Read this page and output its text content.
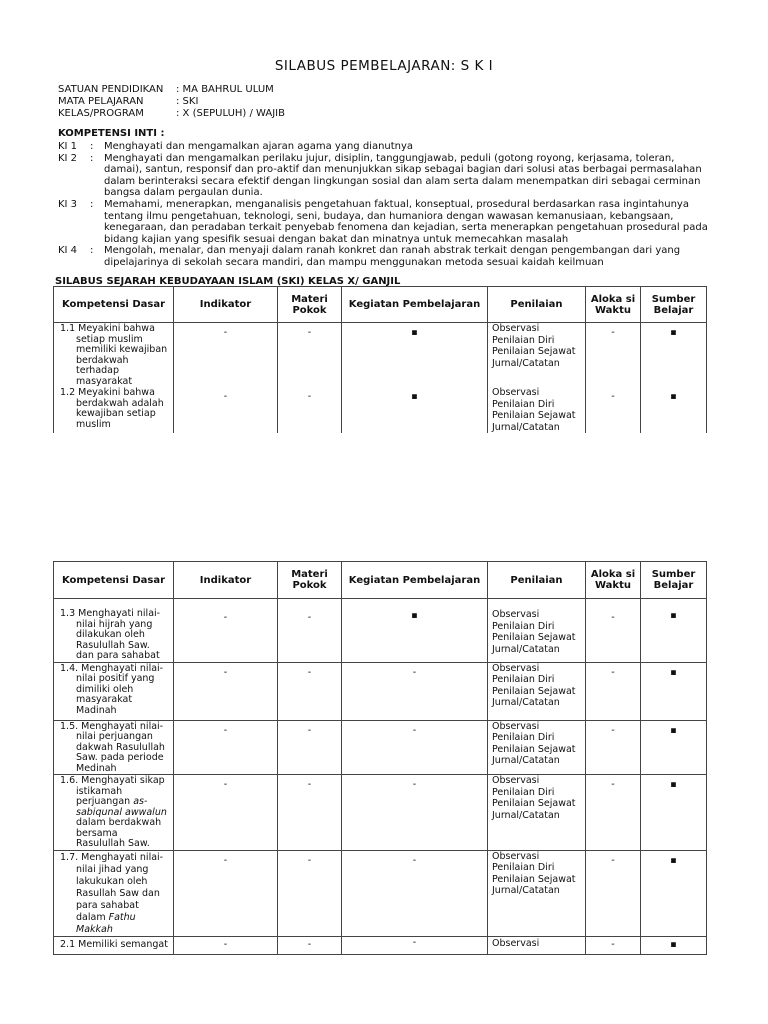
SILABUS PEMBELAJARAN: S K I
SATUAN PENDIDIKAN	: MA BAHRUL ULUM
MATA PELAJARAN	: SKI
KELAS/PROGRAM	: X (SEPULUH) / WAJIB
KOMPETENSI INTI :
KI 1	:	Menghayati dan mengamalkan ajaran agama yang dianutnya
KI 2	:	Menghayati dan mengamalkan perilaku jujur, disiplin, tanggungjawab, peduli (gotong royong, kerjasama, toleran, damai), santun, responsif dan pro-aktif dan menunjukkan sikap sebagai bagian dari solusi atas berbagai permasalahan dalam berinteraksi secara efektif dengan lingkungan sosial dan alam serta dalam menempatkan diri sebagai cerminan bangsa dalam pergaulan dunia.
KI 3	:	Memahami, menerapkan, menganalisis pengetahuan faktual, konseptual, prosedural berdasarkan rasa ingintahunya tentang ilmu pengetahuan, teknologi, seni, budaya, dan humaniora dengan wawasan kemanusiaan, kebangsaan, kenegaraan, dan peradaban terkait penyebab fenomena dan kejadian, serta menerapkan pengetahuan prosedural pada bidang kajian yang spesifik sesuai dengan bakat dan minatnya untuk memecahkan masalah
KI 4	:	Mengolah, menalar, dan menyaji dalam ranah konkret dan ranah abstrak terkait dengan pengembangan dari yang dipelajarinya di sekolah secara mandiri, dan mampu menggunakan metoda sesuai kaidah keilmuan
SILABUS SEJARAH KEBUDAYAAN ISLAM (SKI) KELAS X/ GANJIL
Kompetensi Dasar	Indikator	Materi Pokok	Kegiatan Pembelajaran	Penilaian	Aloka si Waktu	Sumber Belajar

1.1 Meyakini bahwa setiap muslim memiliki kewajiban berdakwah terhadap masyarakat	-	-	▪	Observasi
Penilaian Diri
Penilaian Sejawat
Jurnal/Catatan	-	▪

1.2 Meyakini bahwa berdakwah adalah kewajiban setiap muslim	-	-	▪	Observasi
Penilaian Diri
Penilaian Sejawat
Jurnal/Catatan	-	▪
Kompetensi Dasar	Indikator	Materi Pokok	Kegiatan Pembelajaran	Penilaian	Aloka si Waktu	Sumber Belajar

1.3 Menghayati nilai-nilai hijrah yang dilakukan oleh Rasulullah Saw. dan para sahabat	-	-	▪	Observasi
Penilaian Diri
Penilaian Sejawat
Jurnal/Catatan	-	▪

1.4. Menghayati nilai-nilai positif yang dimiliki oleh masyarakat Madinah	-	-	-	Observasi
Penilaian Diri
Penilaian Sejawat
Jurnal/Catatan	-	▪

1.5. Menghayati nilai-nilai perjuangan dakwah Rasulullah Saw. pada periode Medinah	-	-	-	Observasi
Penilaian Diri
Penilaian Sejawat
Jurnal/Catatan	-	▪

1.6. Menghayati sikap istikamah perjuangan as-sabiqunal awwalun dalam berdakwah bersama Rasulullah Saw.	-	-	-	Observasi
Penilaian Diri
Penilaian Sejawat
Jurnal/Catatan	-	▪

1.7. Menghayati nilai-nilai jihad yang lakukukan oleh Rasullah Saw dan para sahabat dalam Fathu Makkah	-	-	-	Observasi
Penilaian Diri
Penilaian Sejawat
Jurnal/Catatan	-	▪

2.1 Memiliki semangat	-	-	-	Observasi	-	▪
